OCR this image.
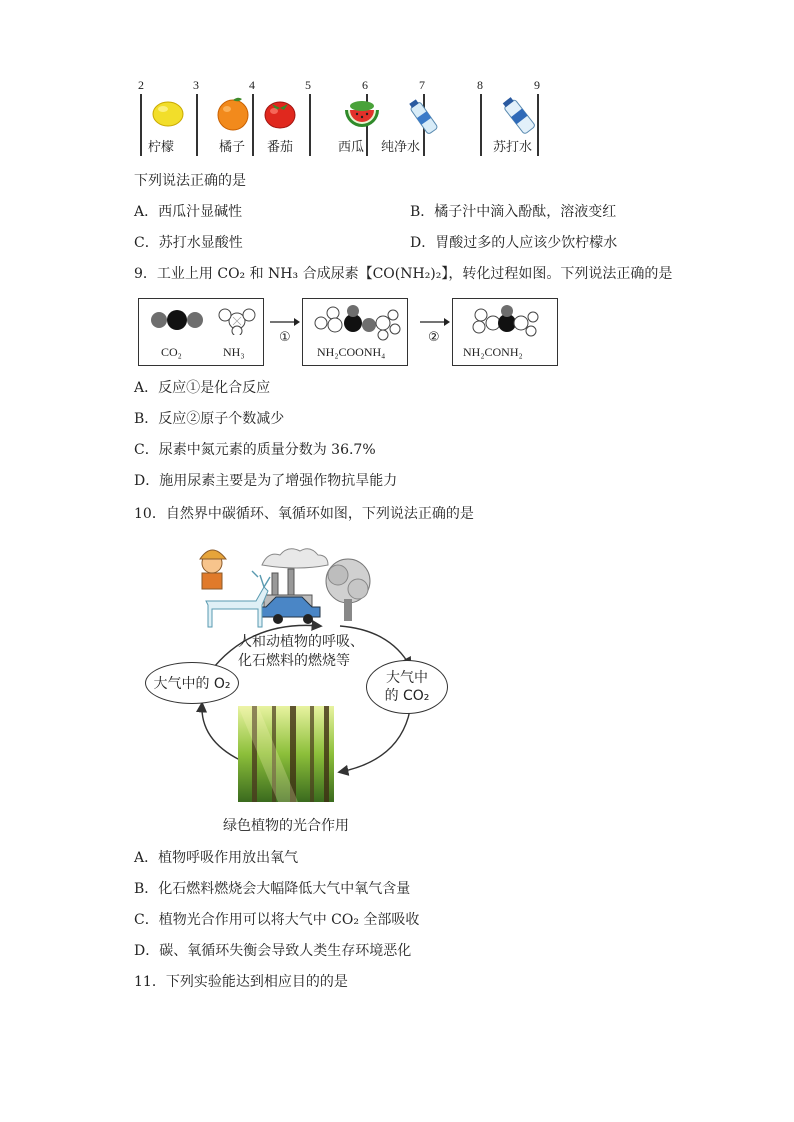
2	3	4	5	6	7	8	9
柠檬	橘子 番茄	西瓜 纯净水	苏打水
下列说法正确的是
A．西瓜汁显碱性	B．橘子汁中滴入酚酞，溶液变红
C．苏打水显酸性	D．胃酸过多的人应该少饮柠檬水
9．工业上用 CO₂ 和 NH₃ 合成尿素【CO(NH₂)₂】，转化过程如图。下列说法正确的是
CO₂	NH₃
①
NH₂COONH₄
②
NH₂CONH₂
A．反应①是化合反应
B．反应②原子个数减少
C．尿素中氮元素的质量分数为 36.7%
D．施用尿素主要是为了增强作物抗旱能力
10．自然界中碳循环、氧循环如图，下列说法正确的是
人和动植物的呼吸、
化石燃料的燃烧等
大气中的 O₂	大气中
的 CO₂
绿色植物的光合作用
A．植物呼吸作用放出氧气
B．化石燃料燃烧会大幅降低大气中氧气含量
C．植物光合作用可以将大气中 CO₂ 全部吸收
D．碳、氧循环失衡会导致人类生存环境恶化
11．下列实验能达到相应目的的是
